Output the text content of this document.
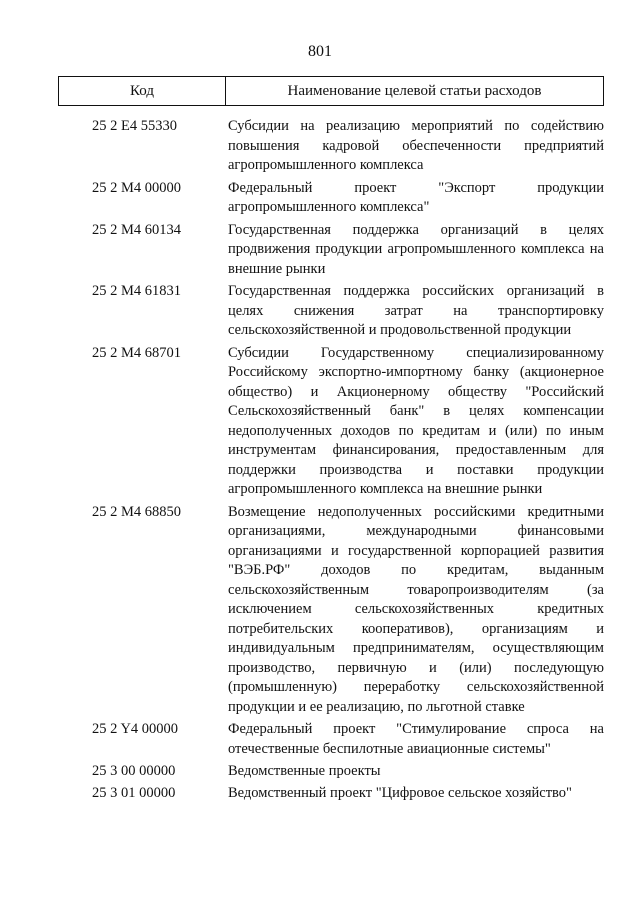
801
Код	Наименование целевой статьи расходов
25 2 E4 55330	Субсидии на реализацию мероприятий по содействию повышения кадровой обеспеченности предприятий агропромышленного комплекса
25 2 M4 00000	Федеральный проект "Экспорт продукции агропромышленного комплекса"
25 2 M4 60134	Государственная поддержка организаций в целях продвижения продукции агропромышленного комплекса на внешние рынки
25 2 M4 61831	Государственная поддержка российских организаций в целях снижения затрат на транспортировку сельскохозяйственной и продовольственной продукции
25 2 M4 68701	Субсидии Государственному специализированному Российскому экспортно-импортному банку (акционерное общество) и Акционерному обществу "Российский Сельскохозяйственный банк" в целях компенсации недополученных доходов по кредитам и (или) по иным инструментам финансирования, предоставленным для поддержки производства и поставки продукции агропромышленного комплекса на внешние рынки
25 2 M4 68850	Возмещение недополученных российскими кредитными организациями, международными финансовыми организациями и государственной корпорацией развития "ВЭБ.РФ" доходов по кредитам, выданным сельскохозяйственным товаропроизводителям (за исключением сельскохозяйственных кредитных потребительских кооперативов), организациям и индивидуальным предпринимателям, осуществляющим производство, первичную и (или) последующую (промышленную) переработку сельскохозяйственной продукции и ее реализацию, по льготной ставке
25 2 Y4 00000	Федеральный проект "Стимулирование спроса на отечественные беспилотные авиационные системы"
25 3 00 00000	Ведомственные проекты
25 3 01 00000	Ведомственный проект "Цифровое сельское хозяйство"
